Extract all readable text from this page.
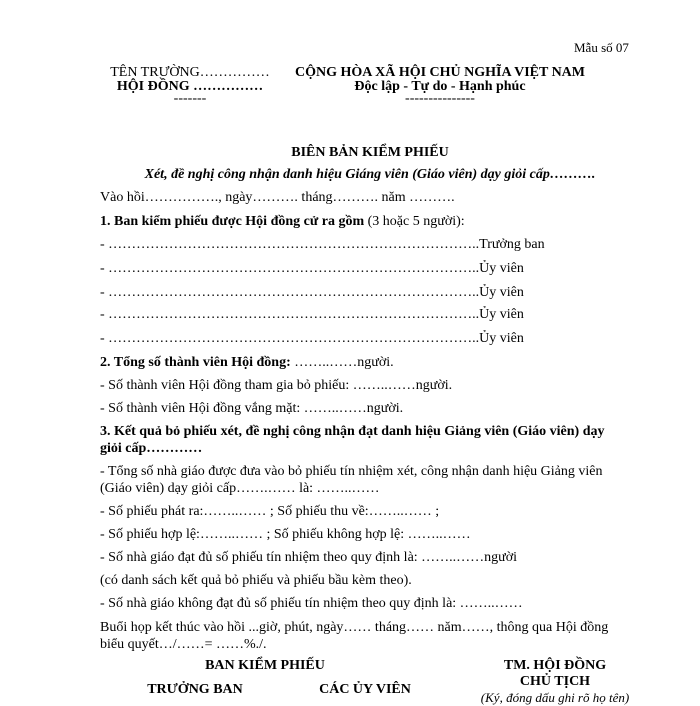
Mẫu số 07
TÊN TRƯỜNG……………
HỘI ĐỒNG ……………
-------
CỘNG HÒA XÃ HỘI CHỦ NGHĨA VIỆT NAM
Độc lập - Tự do - Hạnh phúc
---------------
BIÊN BẢN KIỂM PHIẾU
Xét, đề nghị công nhận danh hiệu Giáng viên (Giáo viên) dạy giỏi cấp……….
Vào hồi……………., ngày………. tháng………. năm ……….
1. Ban kiểm phiếu được Hội đồng cử ra gồm (3 hoặc 5 người):
- ……………………………………………………………………..Trưởng ban
- ……………………………………………………………………..Ủy viên
- ……………………………………………………………………..Ủy viên
- ……………………………………………………………………..Ủy viên
- ……………………………………………………………………..Ủy viên
2. Tổng số thành viên Hội đồng: ……..……người.
- Số thành viên Hội đồng tham gia bỏ phiếu: ……..……người.
- Số thành viên Hội đồng vắng mặt: ……..……người.
3. Kết quả bỏ phiếu xét, đề nghị công nhận đạt danh hiệu Giảng viên (Giáo viên) dạy
giỏi cấp…………
- Tổng số nhà giáo được đưa vào bỏ phiếu tín nhiệm xét, công nhận danh hiệu Giảng viên
(Giáo viên) dạy giỏi cấp…….…… là: ……..……
- Số phiếu phát ra:……..…… ; Số phiếu thu về:……..…… ;
- Số phiếu hợp lệ:……..…… ; Số phiếu không hợp lệ: ……..……
- Số nhà giáo đạt đủ số phiếu tín nhiệm theo quy định là: ……..……người
(có danh sách kết quả bỏ phiếu và phiếu bầu kèm theo).
- Số nhà giáo không đạt đủ số phiếu tín nhiệm theo quy định là: ……..……
Buổi họp kết thúc vào hồi ...giờ, phút, ngày…… tháng…… năm……, thông qua Hội đồng
biểu quyết…/……= ……%./.
BAN KIỂM PHIẾU
TRƯỞNG BAN	CÁC ỦY VIÊN
TM. HỘI ĐỒNG
CHỦ TỊCH
(Ký, đóng dấu ghi rõ họ tên)
